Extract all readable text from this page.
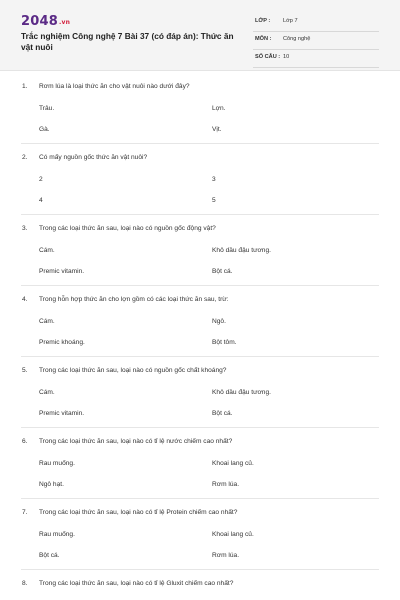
2048.vn
Trắc nghiệm Công nghệ 7 Bài 37 (có đáp án): Thức ăn vật nuôi
LỚP : Lớp 7
MÔN : Công nghệ
SỐ CÂU : 10
1. Rơm lúa là loại thức ăn cho vật nuôi nào dưới đây?
Trâu.	Lợn.
Gà.	Vịt.
2. Có mấy nguồn gốc thức ăn vật nuôi?
2	3
4	5
3. Trong các loại thức ăn sau, loại nào có nguồn gốc động vật?
Cám.	Khô dầu đậu tương.
Premic vitamin.	Bột cá.
4. Trong hỗn hợp thức ăn cho lợn gồm có các loại thức ăn sau, trừ:
Cám.	Ngô.
Premic khoáng.	Bột tôm.
5. Trong các loại thức ăn sau, loại nào có nguồn gốc chất khoáng?
Cám.	Khô dầu đậu tương.
Premic vitamin.	Bột cá.
6. Trong các loại thức ăn sau, loại nào có tỉ lệ nước chiếm cao nhất?
Rau muống.	Khoai lang củ.
Ngô hạt.	Rơm lúa.
7. Trong các loại thức ăn sau, loại nào có tỉ lệ Protein chiếm cao nhất?
Rau muống.	Khoai lang củ.
Bột cá.	Rơm lúa.
8. Trong các loại thức ăn sau, loại nào có tỉ lệ Gluxit chiếm cao nhất?
